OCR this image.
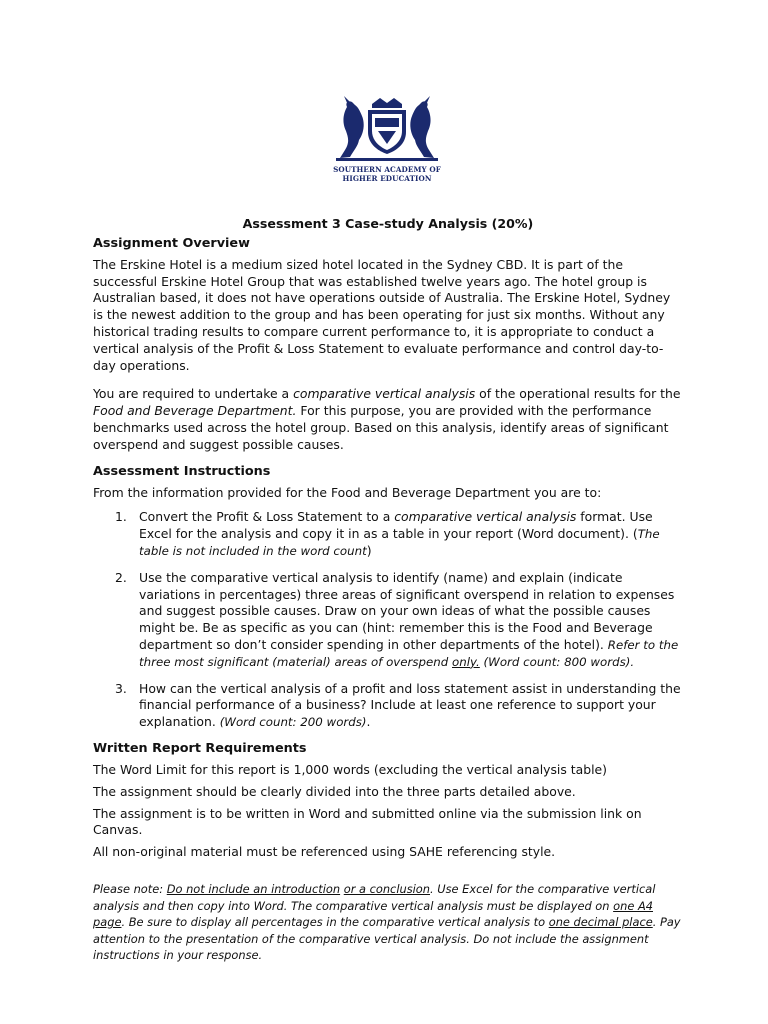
SOUTHERN ACADEMY OF
HIGHER EDUCATION
Assessment 3 Case-study Analysis (20%)
Assignment Overview

The Erskine Hotel is a medium sized hotel located in the Sydney CBD. It is part of the successful Erskine Hotel Group that was established twelve years ago. The hotel group is Australian based, it does not have operations outside of Australia. The Erskine Hotel, Sydney is the newest addition to the group and has been operating for just six months. Without any historical trading results to compare current performance to, it is appropriate to conduct a vertical analysis of the Profit & Loss Statement to evaluate performance and control day-to-day operations.

You are required to undertake a comparative vertical analysis of the operational results for the Food and Beverage Department. For this purpose, you are provided with the performance benchmarks used across the hotel group. Based on this analysis, identify areas of significant overspend and suggest possible causes.

Assessment Instructions

From the information provided for the Food and Beverage Department you are to:

1. Convert the Profit & Loss Statement to a comparative vertical analysis format. Use Excel for the analysis and copy it in as a table in your report (Word document). (The table is not included in the word count)
2. Use the comparative vertical analysis to identify (name) and explain (indicate variations in percentages) three areas of significant overspend in relation to expenses and suggest possible causes. Draw on your own ideas of what the possible causes might be. Be as specific as you can (hint: remember this is the Food and Beverage department so don’t consider spending in other departments of the hotel). Refer to the three most significant (material) areas of overspend only. (Word count: 800 words).
3. How can the vertical analysis of a profit and loss statement assist in understanding the financial performance of a business? Include at least one reference to support your explanation. (Word count: 200 words).
Written Report Requirements

The Word Limit for this report is 1,000 words (excluding the vertical analysis table)

The assignment should be clearly divided into the three parts detailed above.

The assignment is to be written in Word and submitted online via the submission link on Canvas.

All non-original material must be referenced using SAHE referencing style.

Please note: Do not include an introduction or a conclusion. Use Excel for the comparative vertical analysis and then copy into Word. The comparative vertical analysis must be displayed on one A4 page. Be sure to display all percentages in the comparative vertical analysis to one decimal place. Pay attention to the presentation of the comparative vertical analysis. Do not include the assignment instructions in your response.
